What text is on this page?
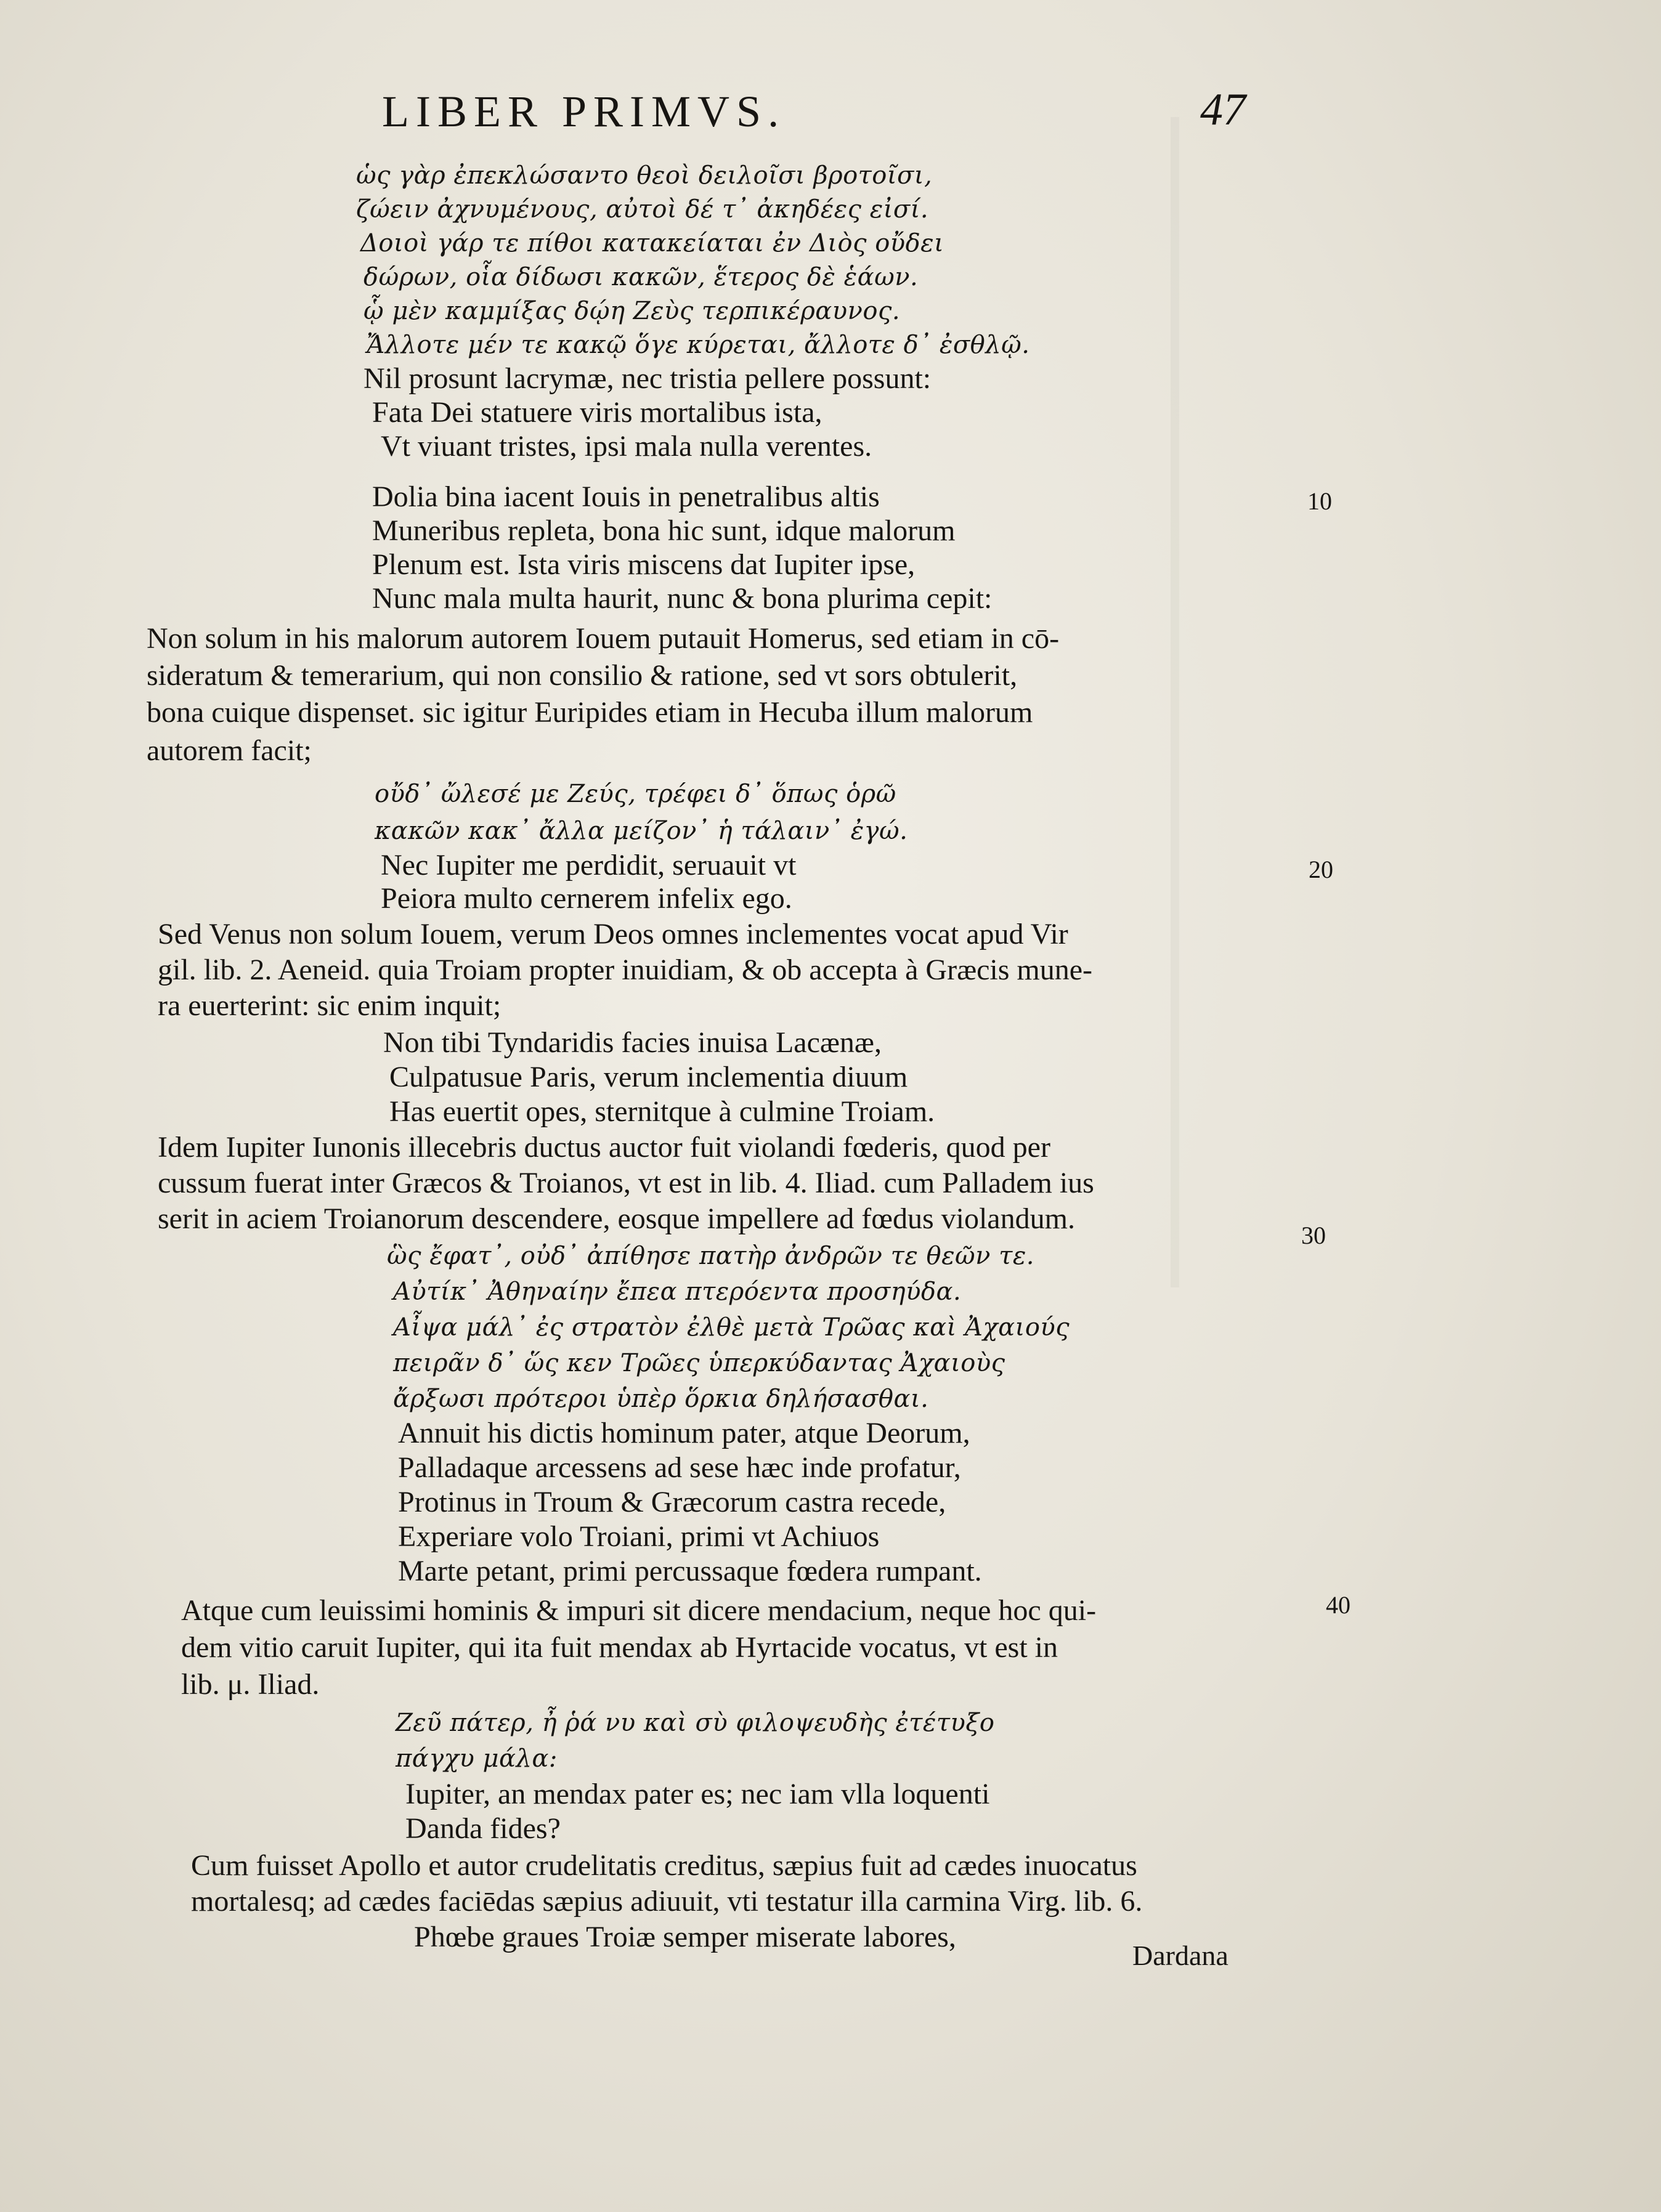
LIBER PRIMVS.	47
ὡς γὰρ ἐπεκλώσαντο θεοὶ δειλοῖσι βροτοῖσι,
ζώειν ἀχνυμένους, αὐτοὶ δέ τ᾽ ἀκηδέες εἰσί.
Δοιοὶ γάρ τε πίθοι κατακείαται ἐν Διὸς οὔδει
δώρων, οἷα δίδωσι κακῶν, ἕτερος δὲ ἑάων.
ᾧ μὲν καμμίξας δῴη Ζεὺς τερπικέραυνος.
Ἄλλοτε μέν τε κακῷ ὅγε κύρεται, ἄλλοτε δ᾽ ἐσθλῷ.
Nil prosunt lacrymæ, nec tristia pellere possunt:
Fata Dei statuere viris mortalibus ista,
Vt viuant tristes, ipsi mala nulla verentes.
Dolia bina iacent Iouis in penetralibus altis
Muneribus repleta, bona hic sunt, idque malorum
Plenum est. Ista viris miscens dat Iupiter ipse,
Nunc mala multa haurit, nunc & bona plurima cepit:
Non solum in his malorum autorem Iouem putauit Homerus, sed etiam in cō-
sideratum & temerarium, qui non consilio & ratione, sed vt sors obtulerit,
bona cuique dispenset. sic igitur Euripides etiam in Hecuba illum malorum
autorem facit;
οὔδ᾽ ὤλεσέ με Ζεύς, τρέφει δ᾽ ὅπως ὁρῶ
κακῶν κακ᾽ ἄλλα μείζον᾽ ἡ τάλαιν᾽ ἐγώ.
Nec Iupiter me perdidit, seruauit vt
Peiora multo cernerem infelix ego.
Sed Venus non solum Iouem, verum Deos omnes inclementes vocat apud Vir
gil. lib. 2. Aeneid. quia Troiam propter inuidiam, & ob accepta à Græcis mune-
ra euerterint: sic enim inquit;
Non tibi Tyndaridis facies inuisa Lacænæ,
Culpatusue Paris, verum inclementia diuum
Has euertit opes, sternitque à culmine Troiam.
Idem Iupiter Iunonis illecebris ductus auctor fuit violandi fœderis, quod per
cussum fuerat inter Græcos & Troianos, vt est in lib. 4. Iliad. cum Palladem ius
serit in aciem Troianorum descendere, eosque impellere ad fœdus violandum.
ὣς ἔφατ᾽, οὐδ᾽ ἀπίθησε πατὴρ ἀνδρῶν τε θεῶν τε.
Αὐτίκ᾽ Ἀθηναίην ἔπεα πτερόεντα προσηύδα.
Αἶψα μάλ᾽ ἐς στρατὸν ἐλθὲ μετὰ Τρῶας καὶ Ἀχαιούς
πειρᾶν δ᾽ ὥς κεν Τρῶες ὑπερκύδαντας Ἀχαιοὺς
ἄρξωσι πρότεροι ὑπὲρ ὅρκια δηλήσασθαι.
Annuit his dictis hominum pater, atque Deorum,
Palladaque arcessens ad sese hæc inde profatur,
Protinus in Troum & Græcorum castra recede,
Experiare volo Troiani, primi vt Achiuos
Marte petant, primi percussaque fœdera rumpant.
Atque cum leuissimi hominis & impuri sit dicere mendacium, neque hoc qui-
dem vitio caruit Iupiter, qui ita fuit mendax ab Hyrtacide vocatus, vt est in
lib. μ. Iliad.
Ζεῦ πάτερ, ἦ ῥά νυ καὶ σὺ φιλοψευδὴς ἐτέτυξο
πάγχυ μάλα:
Iupiter, an mendax pater es; nec iam vlla loquenti
Danda fides?
Cum fuisset Apollo et autor crudelitatis creditus, sæpius fuit ad cædes inuocatus
mortalesq; ad cædes faciēdas sæpius adiuuit, vti testatur illa carmina Virg. lib. 6.
Phœbe graues Troiæ semper miserate labores,
10
20
30
40
Dardana
